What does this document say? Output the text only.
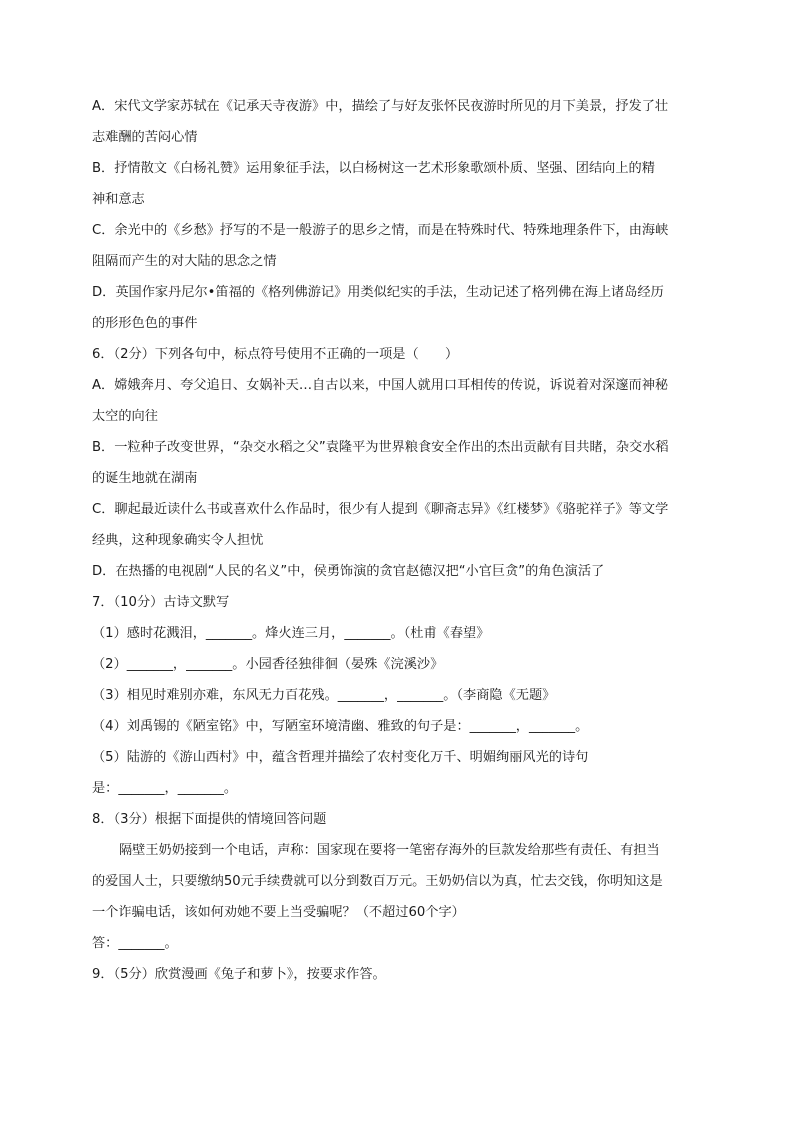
A．宋代文学家苏轼在《记承天寺夜游》中，描绘了与好友张怀民夜游时所见的月下美景，抒发了壮
志难酬的苦闷心情
B．抒情散文《白杨礼赞》运用象征手法，以白杨树这一艺术形象歌颂朴质、坚强、团结向上的精
神和意志
C．余光中的《乡愁》抒写的不是一般游子的思乡之情，而是在特殊时代、特殊地理条件下，由海峡
阻隔而产生的对大陆的思念之情
D．英国作家丹尼尔•笛福的《格列佛游记》用类似纪实的手法，生动记述了格列佛在海上诸岛经历
的形形色色的事件
6．（2分）下列各句中，标点符号使用不正确的一项是（　　）
A．嫦娥奔月、夸父追日、女娲补天…自古以来，中国人就用口耳相传的传说，诉说着对深邃而神秘
太空的向往
B．一粒种子改变世界，“杂交水稻之父”袁隆平为世界粮食安全作出的杰出贡献有目共睹，杂交水稻
的诞生地就在湖南
C．聊起最近读什么书或喜欢什么作品时，很少有人提到《聊斋志异》《红楼梦》《骆驼祥子》等文学
经典，这种现象确实令人担忧
D．在热播的电视剧“人民的名义”中，侯勇饰演的贪官赵德汉把“小官巨贪”的角色演活了
7．（10分）古诗文默写
（1）感时花溅泪，_______。烽火连三月，_______。（杜甫《春望》
（2）_______，_______。小园香径独徘徊（晏殊《浣溪沙》
（3）相见时难别亦难，东风无力百花残。_______，_______。（李商隐《无题》
（4）刘禹锡的《陋室铭》中，写陋室环境清幽、雅致的句子是：_______，_______。
（5）陆游的《游山西村》中，蕴含哲理并描绘了农村变化万千、明媚绚丽风光的诗句
是：_______，_______。
8．（3分）根据下面提供的情境回答问题
隔壁王奶奶接到一个电话，声称：国家现在要将一笔密存海外的巨款发给那些有责任、有担当
的爱国人士，只要缴纳50元手续费就可以分到数百万元。王奶奶信以为真，忙去交钱，你明知这是
一个诈骗电话，该如何劝她不要上当受骗呢？（不超过60个字）
答：_______。
9．（5分）欣赏漫画《兔子和萝卜》，按要求作答。
